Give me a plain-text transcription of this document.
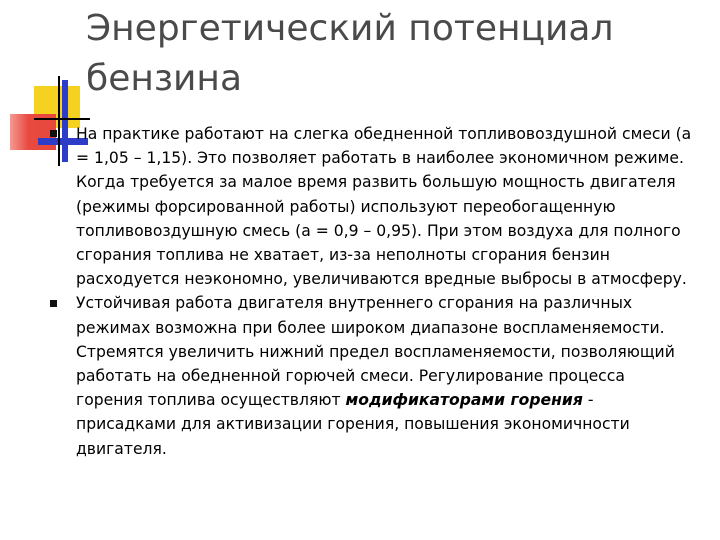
Энергетический потенциал бензина
На практике работают на слегка обедненной топливовоздушной смеси (a = 1,05 – 1,15). Это позволяет работать в наиболее экономичном режиме. Когда требуется за малое время развить большую мощность двигателя (режимы форсированной работы) используют переобогащенную топливовоздушную смесь (a = 0,9 – 0,95). При этом воздуха для полного сгорания топлива не хватает, из-за неполноты сгорания бензин расходуется неэкономно, увеличиваются вредные выбросы в атмосферу.
Устойчивая работа двигателя внутреннего сгорания на различных режимах возможна при более широком диапазоне воспламеняемости. Стремятся увеличить нижний предел воспламеняемости, позволяющий работать на обедненной горючей смеси. Регулирование процесса горения топлива осуществляют модификаторами горения - присадками для активизации горения, повышения экономичности двигателя.
